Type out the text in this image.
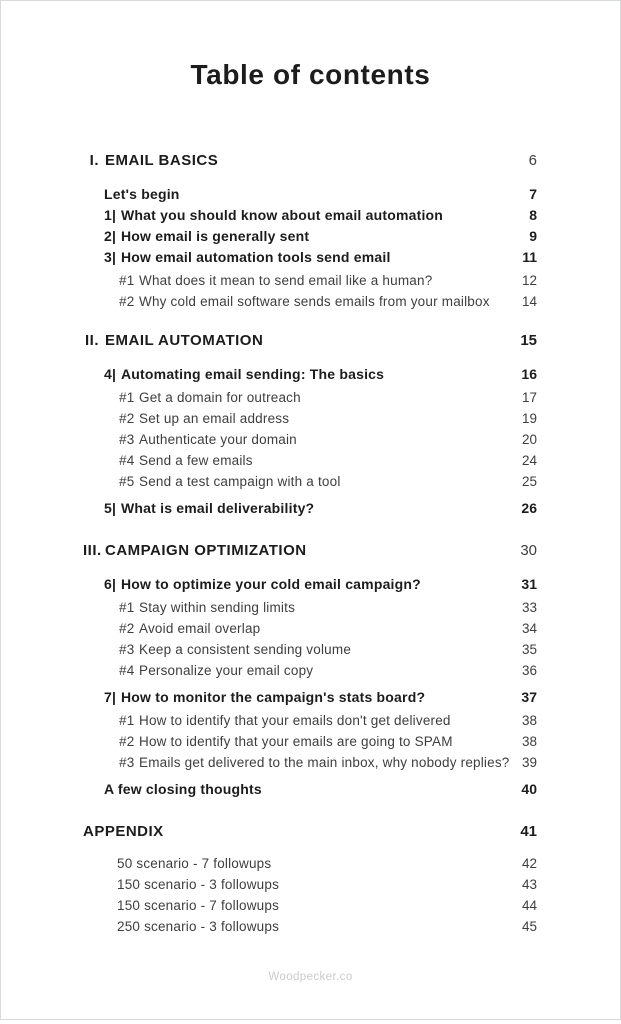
Table of contents
I. EMAIL BASICS	6
Let's begin	7
1| What you should know about email automation	8
2| How email is generally sent	9
3| How email automation tools send email	11
#1 What does it mean to send email like a human?	12
#2 Why cold email software sends emails from your mailbox	14
II. EMAIL AUTOMATION	15
4| Automating email sending: The basics	16
#1 Get a domain for outreach	17
#2 Set up an email address	19
#3 Authenticate your domain	20
#4 Send a few emails	24
#5 Send a test campaign with a tool	25
5| What is email deliverability?	26
III. CAMPAIGN OPTIMIZATION	30
6| How to optimize your cold email campaign?	31
#1 Stay within sending limits	33
#2 Avoid email overlap	34
#3 Keep a consistent sending volume	35
#4 Personalize your email copy	36
7| How to monitor the campaign's stats board?	37
#1 How to identify that your emails don't get delivered	38
#2 How to identify that your emails are going to SPAM	38
#3 Emails get delivered to the main inbox, why nobody replies? 39
A few closing thoughts	40
APPENDIX	41
50 scenario - 7 followups	42
150 scenario - 3 followups	43
150 scenario - 7 followups	44
250 scenario - 3 followups	45
Woodpecker.co
